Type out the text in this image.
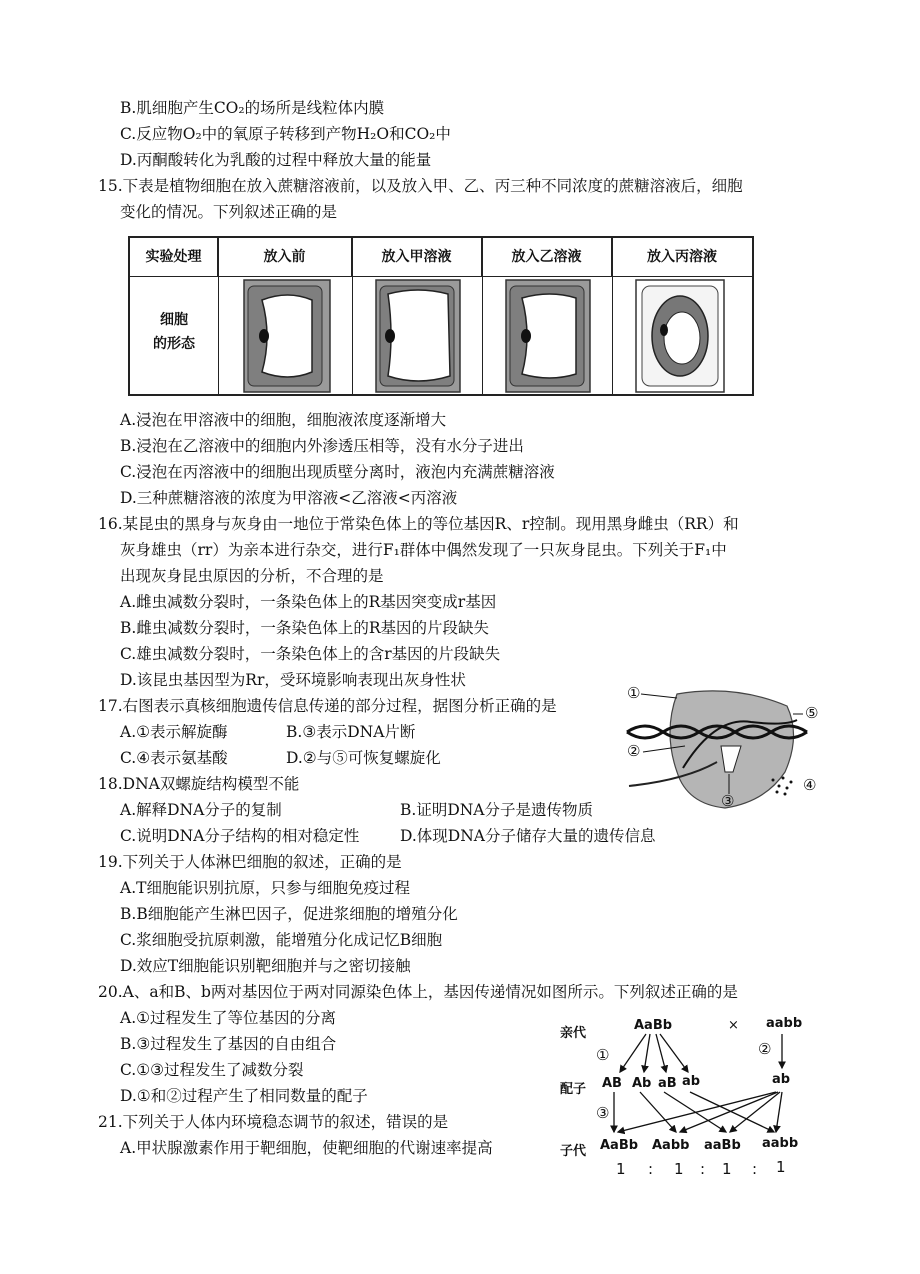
B.肌细胞产生CO₂的场所是线粒体内膜
C.反应物O₂中的氧原子转移到产物H₂O和CO₂中
D.丙酮酸转化为乳酸的过程中释放大量的能量
15.下表是植物细胞在放入蔗糖溶液前，以及放入甲、乙、丙三种不同浓度的蔗糖溶液后，细胞
变化的情况。下列叙述正确的是
实验处理	放入前	放入甲溶液	放入乙溶液	放入丙溶液
细胞
的形态
A.浸泡在甲溶液中的细胞，细胞液浓度逐渐增大
B.浸泡在乙溶液中的细胞内外渗透压相等，没有水分子进出
C.浸泡在丙溶液中的细胞出现质壁分离时，液泡内充满蔗糖溶液
D.三种蔗糖溶液的浓度为甲溶液<乙溶液<丙溶液
16.某昆虫的黑身与灰身由一地位于常染色体上的等位基因R、r控制。现用黑身雌虫（RR）和
灰身雄虫（rr）为亲本进行杂交，进行F₁群体中偶然发现了一只灰身昆虫。下列关于F₁中
出现灰身昆虫原因的分析，不合理的是
A.雌虫减数分裂时，一条染色体上的R基因突变成r基因
B.雌虫减数分裂时，一条染色体上的R基因的片段缺失
C.雄虫减数分裂时，一条染色体上的含r基因的片段缺失
D.该昆虫基因型为Rr，受环境影响表现出灰身性状
17.右图表示真核细胞遗传信息传递的部分过程，据图分析正确的是
A.①表示解旋酶	B.③表示DNA片断
C.④表示氨基酸	D.②与⑤可恢复螺旋化
①
②
③
④
⑤
18.DNA双螺旋结构模型不能
A.解释DNA分子的复制	B.证明DNA分子是遗传物质
C.说明DNA分子结构的相对稳定性	D.体现DNA分子储存大量的遗传信息
19.下列关于人体淋巴细胞的叙述，正确的是
A.T细胞能识别抗原，只参与细胞免疫过程
B.B细胞能产生淋巴因子，促进浆细胞的增殖分化
C.浆细胞受抗原刺激，能增殖分化成记忆B细胞
D.效应T细胞能识别靶细胞并与之密切接触
20.A、a和B、b两对基因位于两对同源染色体上，基因传递情况如图所示。下列叙述正确的是
A.①过程发生了等位基因的分离
B.③过程发生了基因的自由组合
C.①③过程发生了减数分裂
D.①和②过程产生了相同数量的配子
亲代
AaBb	× aabb
①	②
配子 AB Ab aB ab	ab
③
子代 AaBb Aabb aaBb aabb
1 : 1 : 1 : 1
21.下列关于人体内环境稳态调节的叙述，错误的是
A.甲状腺激素作用于靶细胞，使靶细胞的代谢速率提高
